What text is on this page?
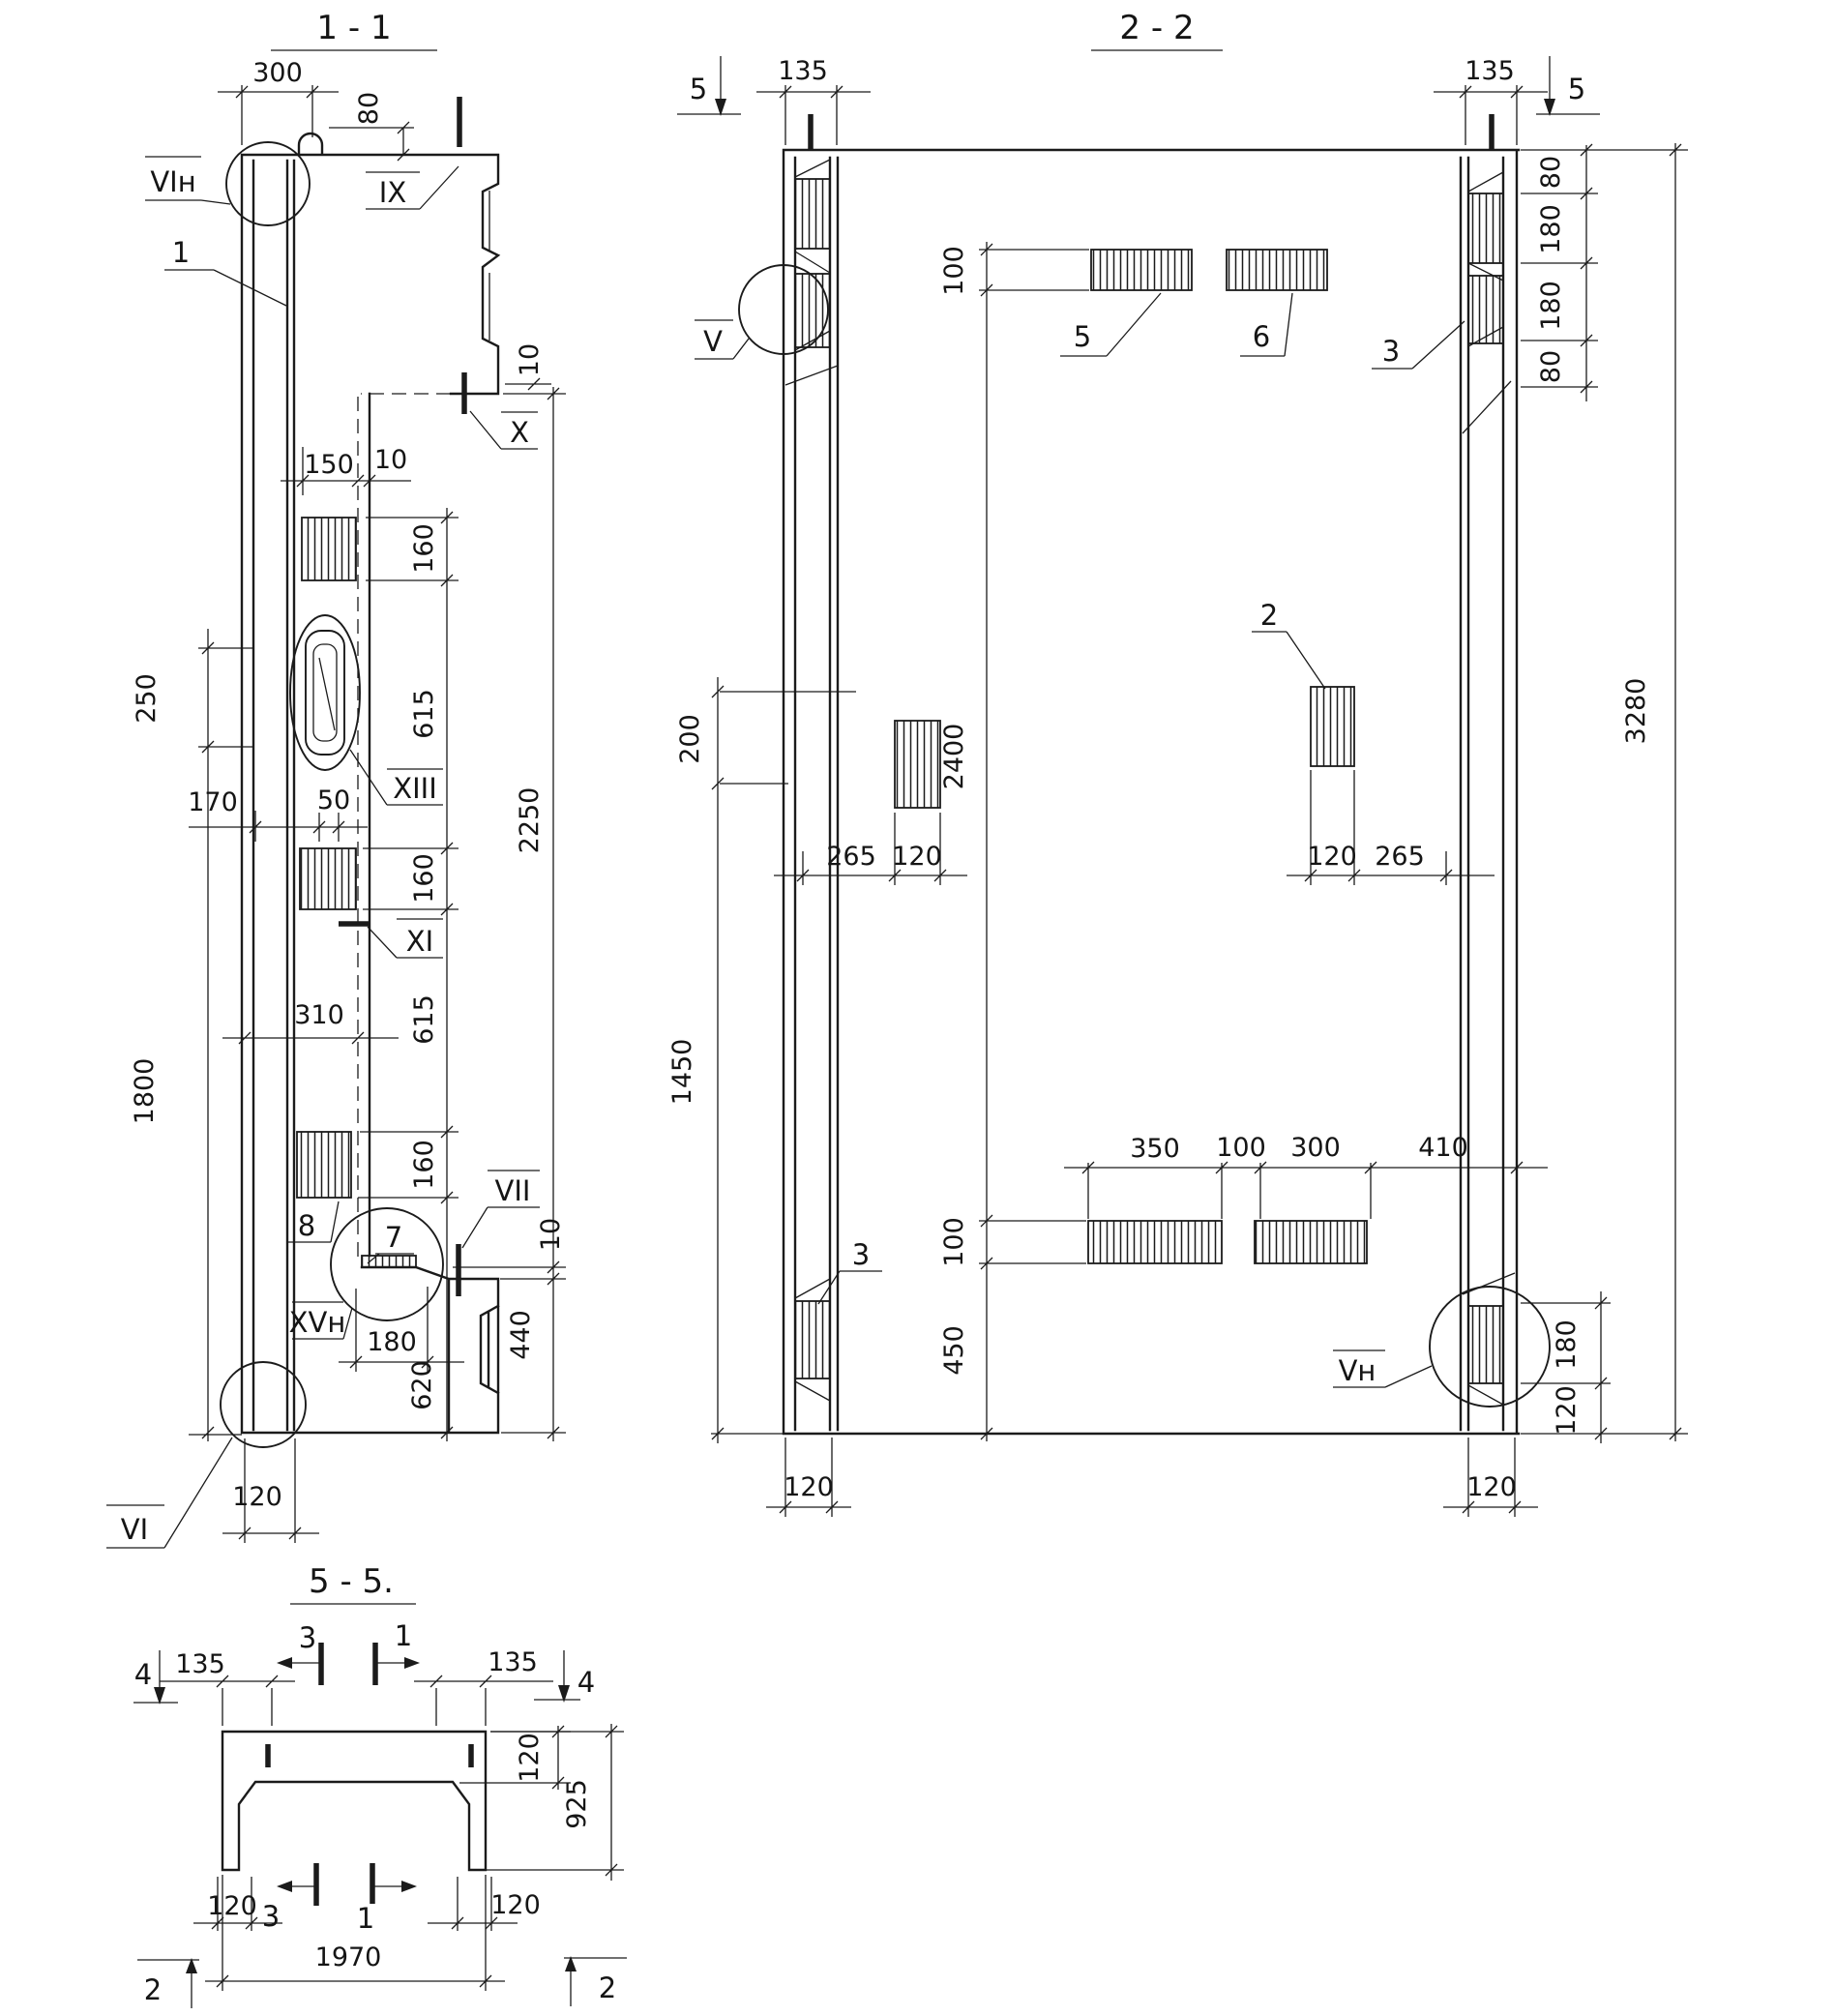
1 - 1
300
80
150 10
160
615
160
615
160
620
2250
440
10
10
250
1800
170	50
310
180
120
VIн
1
IX
X
XIII
XI
VII
XVн
VI
7
8
2 - 2
135	135
5	5
3280
80
180
180
80
100
2400
100
450
200
1450
265 120	120 265
350 100 300	410
180
120
120	120
5	6
2
3
3
V
Vн
5 - 5.
135	135
4	4
3	1
120
925
120	120
3	1
1970
2	2
